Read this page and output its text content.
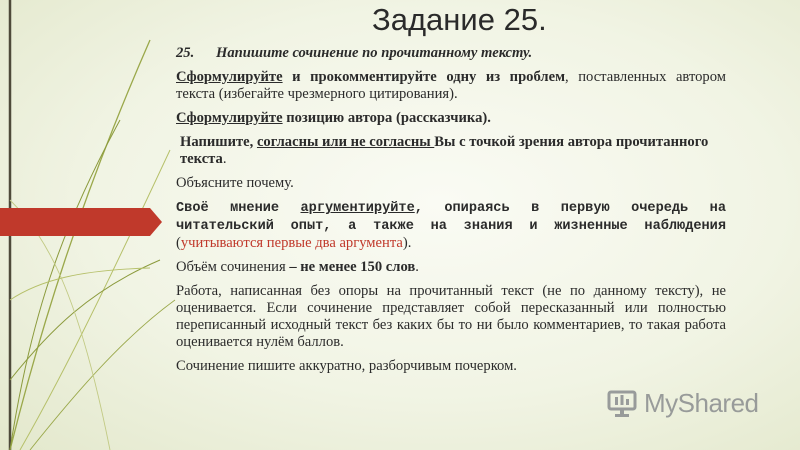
Задание 25.
25. Напишите сочинение по прочитанному тексту.
Сформулируйте и прокомментируйте одну из проблем, поставленных автором текста (избегайте чрезмерного цитирования).
Сформулируйте позицию автора (рассказчика).
Напишите, согласны или не согласны Вы с точкой зрения автора прочитанного текста.
Объясните почему.
Своё мнение аргументируйте, опираясь в первую очередь на читательский опыт, а также на знания и жизненные наблюдения (учитываются первые два аргумента).
Объём сочинения – не менее 150 слов.
Работа, написанная без опоры на прочитанный текст (не по данному тексту), не оценивается. Если сочинение представляет собой пересказанный или полностью переписанный исходный текст без каких бы то ни было комментариев, то такая работа оценивается нулём баллов.
Сочинение пишите аккуратно, разборчивым почерком.
MyShared
